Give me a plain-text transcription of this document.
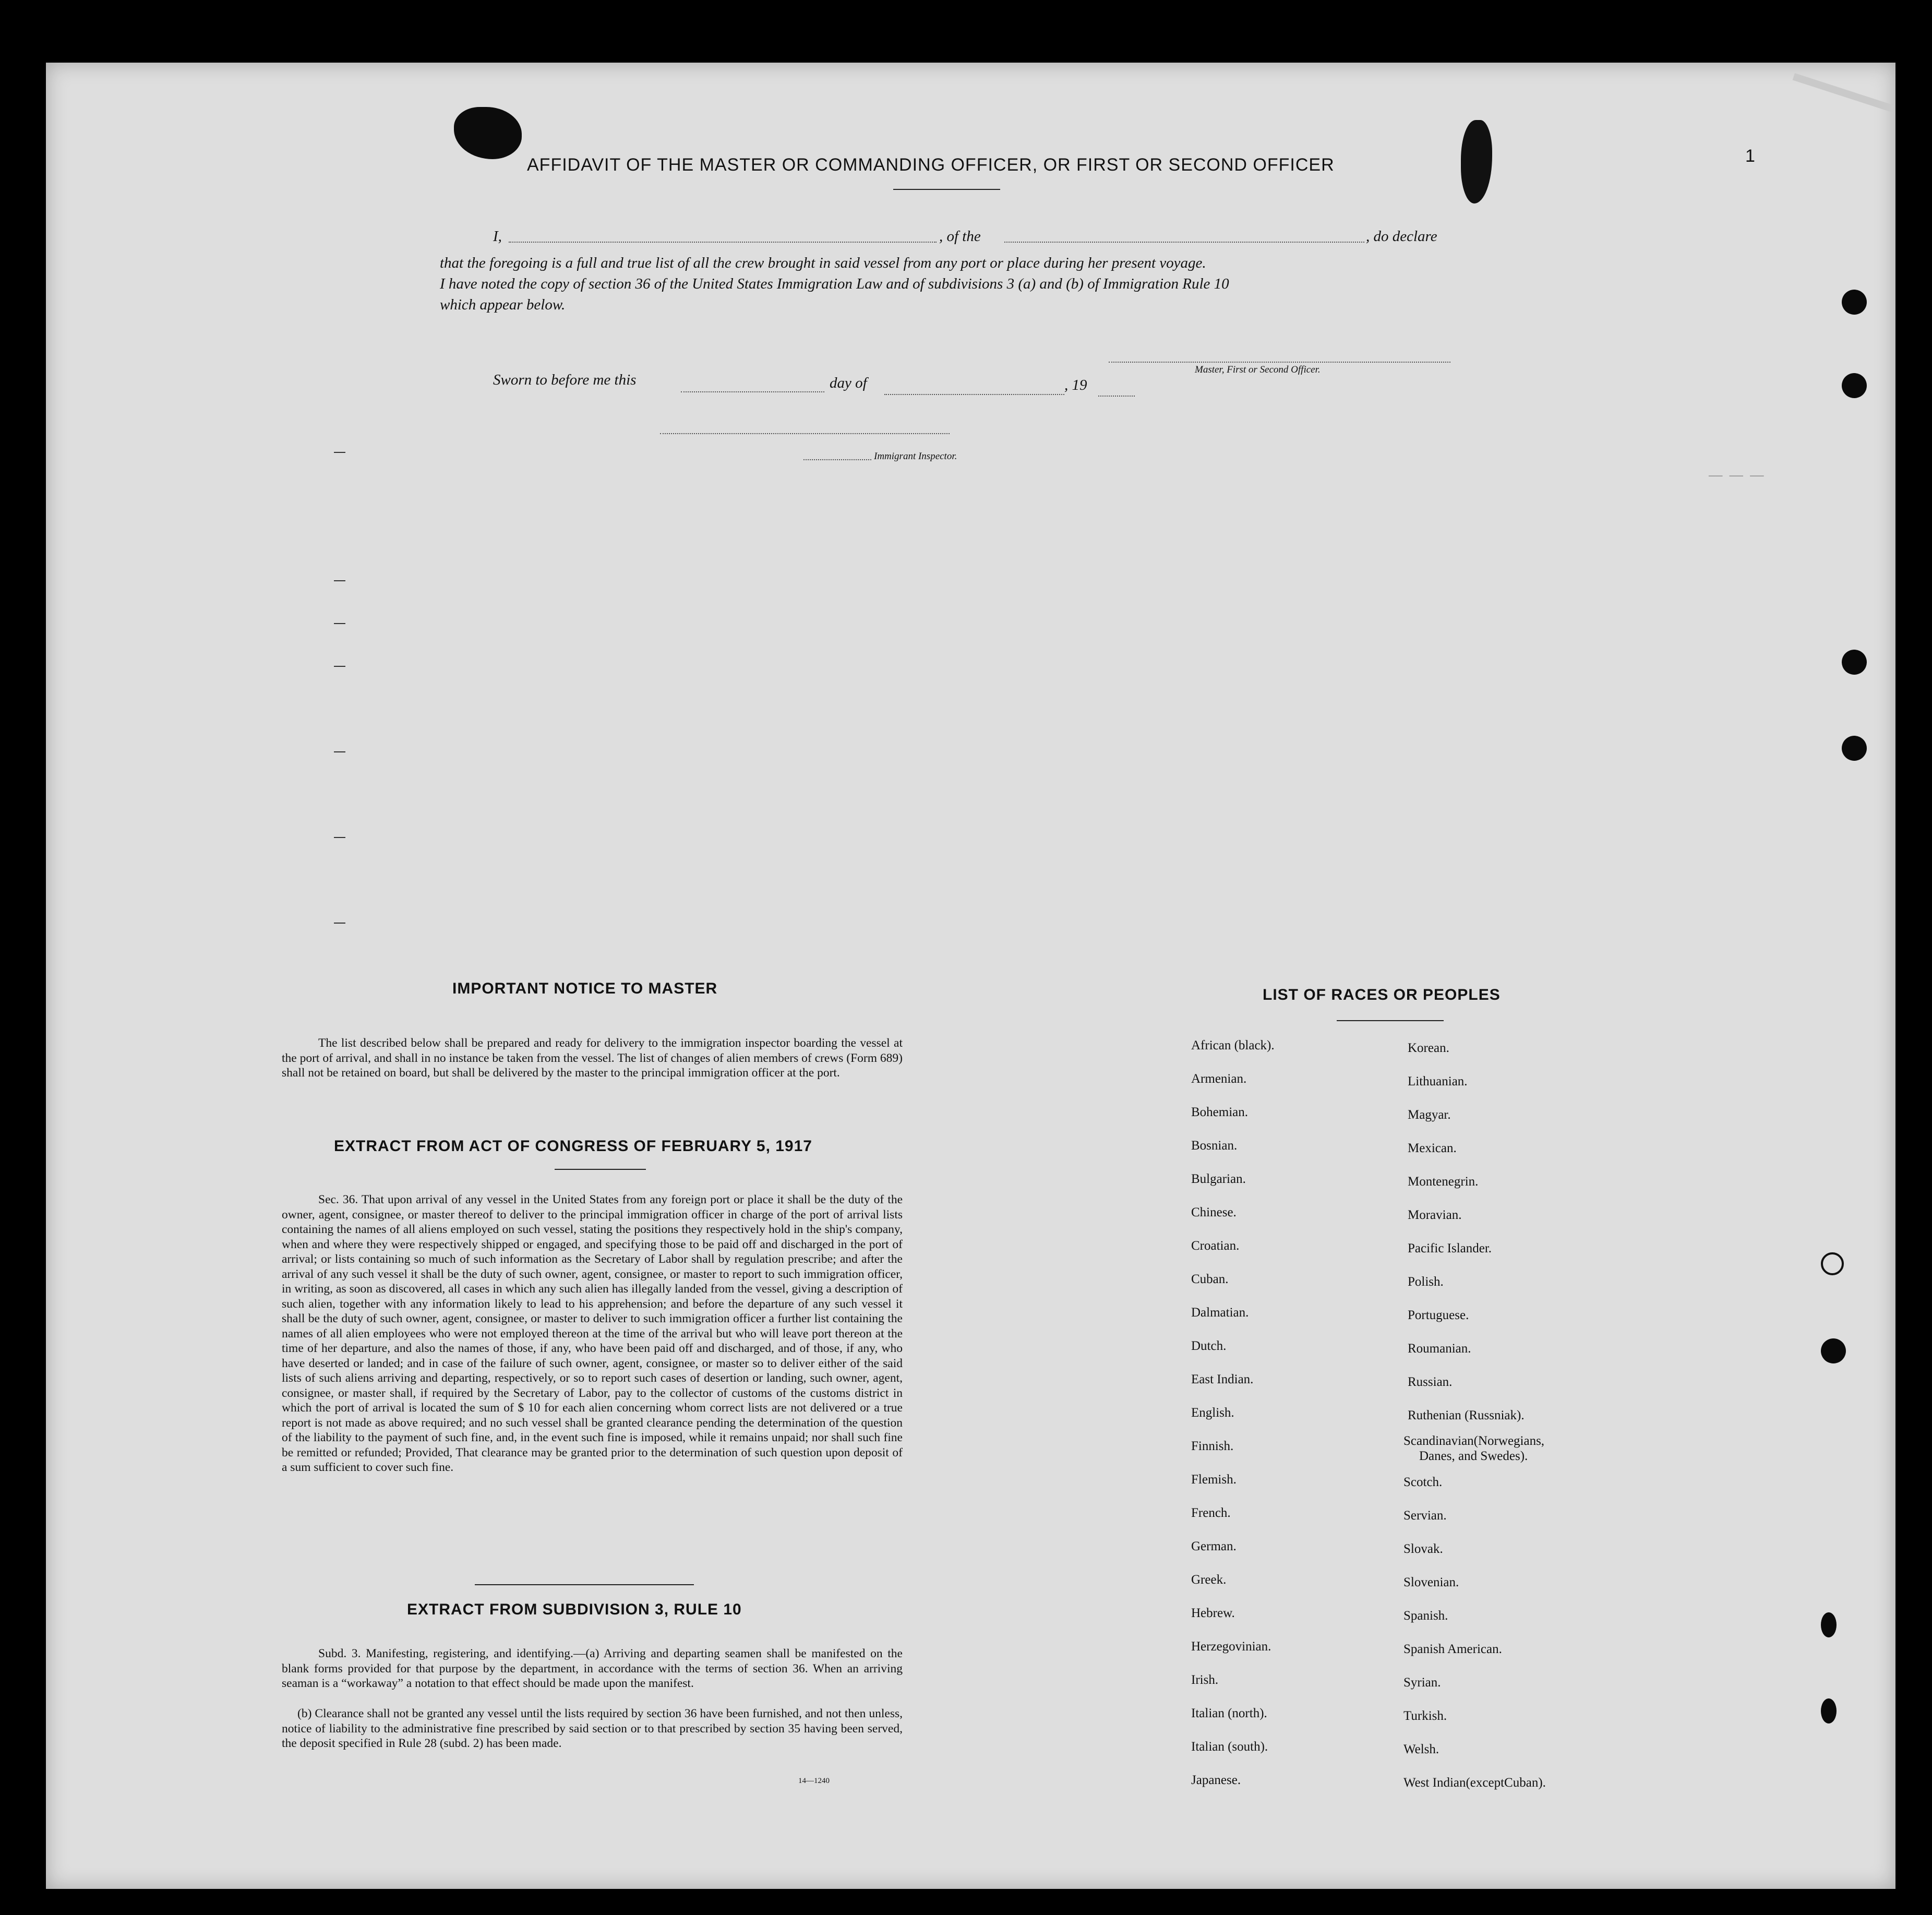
1
—— —— ——
AFFIDAVIT OF THE MASTER OR COMMANDING OFFICER, OR FIRST OR SECOND OFFICER
I,	, of the	, do declare
that the foregoing is a full and true list of all the crew brought in said vessel from any port or place during her present voyage.
I have noted the copy of section 36 of the United States Immigration Law and of subdivisions 3 (a) and (b) of Immigration Rule 10
which appear below.
Master, First or Second Officer.
Sworn to before me this	day of	, 19
Immigrant Inspector.
IMPORTANT NOTICE TO MASTER
The list described below shall be prepared and ready for delivery to the immigration inspector boarding the vessel at the port of arrival, and shall in no instance be taken from the vessel. The list of changes of alien members of crews (Form 689) shall not be retained on board, but shall be delivered by the master to the principal immigration officer at the port.
EXTRACT FROM ACT OF CONGRESS OF FEBRUARY 5, 1917
Sec. 36. That upon arrival of any vessel in the United States from any foreign port or place it shall be the duty of the owner, agent, consignee, or master thereof to deliver to the principal immigration officer in charge of the port of arrival lists containing the names of all aliens employed on such vessel, stating the positions they respectively hold in the ship's company, when and where they were respectively shipped or engaged, and specifying those to be paid off and discharged in the port of arrival; or lists containing so much of such information as the Secretary of Labor shall by regulation prescribe; and after the arrival of any such vessel it shall be the duty of such owner, agent, consignee, or master to report to such immigration officer, in writing, as soon as discovered, all cases in which any such alien has illegally landed from the vessel, giving a description of such alien, together with any information likely to lead to his apprehension; and before the departure of any such vessel it shall be the duty of such owner, agent, consignee, or master to deliver to such immigration officer a further list containing the names of all alien employees who were not employed thereon at the time of the arrival but who will leave port thereon at the time of her departure, and also the names of those, if any, who have been paid off and discharged, and of those, if any, who have deserted or landed; and in case of the failure of such owner, agent, consignee, or master so to deliver either of the said lists of such aliens arriving and departing, respectively, or so to report such cases of desertion or landing, such owner, agent, consignee, or master shall, if required by the Secretary of Labor, pay to the collector of customs of the customs district in which the port of arrival is located the sum of $ 10 for each alien concerning whom correct lists are not delivered or a true report is not made as above required; and no such vessel shall be granted clearance pending the determination of the question of the liability to the payment of such fine, and, in the event such fine is imposed, while it remains unpaid; nor shall such fine be remitted or refunded; Provided, That clearance may be granted prior to the determination of such question upon deposit of a sum sufficient to cover such fine.
EXTRACT FROM SUBDIVISION 3, RULE 10
Subd. 3. Manifesting, registering, and identifying.—(a) Arriving and departing seamen shall be manifested on the blank forms provided for that purpose by the department, in accordance with the terms of section 36. When an arriving seaman is a “workaway” a notation to that effect should be made upon the manifest.
(b) Clearance shall not be granted any vessel until the lists required by section 36 have been furnished, and not then unless, notice of liability to the administrative fine prescribed by said section or to that prescribed by section 35 having been served, the deposit specified in Rule 28 (subd. 2) has been made.
14—1240
LIST OF RACES OR PEOPLES
African (black).
Armenian.
Bohemian.
Bosnian.
Bulgarian.
Chinese.
Croatian.
Cuban.
Dalmatian.
Dutch.
East Indian.
English.
Finnish.
Flemish.
French.
German.
Greek.
Hebrew.
Herzegovinian.
Irish.
Italian (north).
Italian (south).
Japanese.
Korean.
Lithuanian.
Magyar.
Mexican.
Montenegrin.
Moravian.
Pacific Islander.
Polish.
Portuguese.
Roumanian.
Russian.
Ruthenian (Russniak).
Scandinavian(Norwegians,
Danes, and Swedes).
Scotch.
Servian.
Slovak.
Slovenian.
Spanish.
Spanish American.
Syrian.
Turkish.
Welsh.
West Indian(exceptCuban).
